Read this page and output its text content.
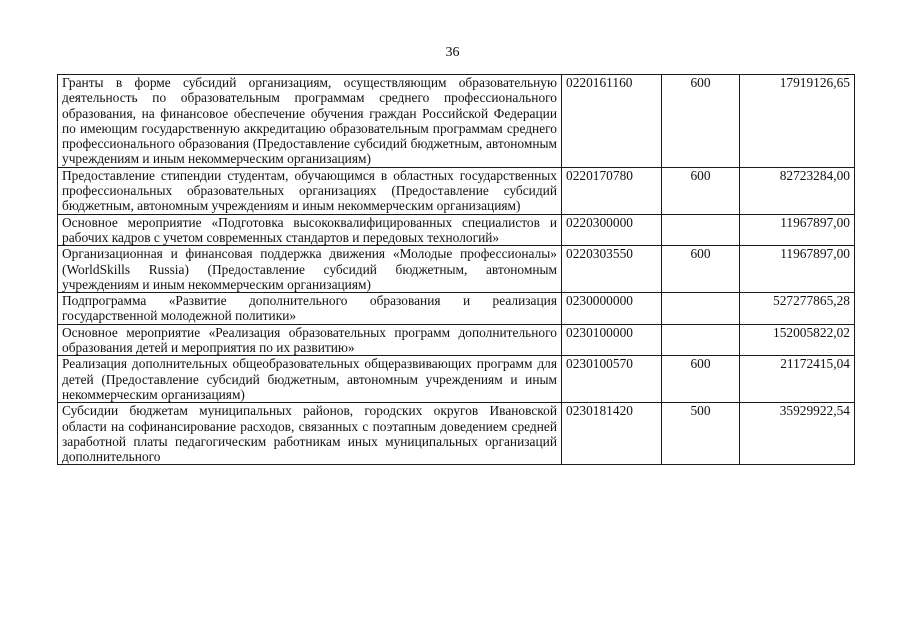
36
Гранты в форме субсидий организациям, осуществляющим образовательную деятельность по образовательным программам среднего профессионального образования, на финансовое обеспечение обучения граждан Российской Федерации по имеющим государственную аккредитацию образовательным программам среднего профессионального образования (Предоставление субсидий бюджетным, автономным учреждениям и иным некоммерческим организациям)	0220161160	600	17919126,65
Предоставление стипендии студентам, обучающимся в областных государственных профессиональных образовательных организациях (Предоставление субсидий бюджетным, автономным учреждениям и иным некоммерческим организациям)	0220170780	600	82723284,00
Основное мероприятие «Подготовка высококвалифицированных специалистов и рабочих кадров с учетом современных стандартов и передовых технологий»	0220300000		11967897,00
Организационная и финансовая поддержка движения «Молодые профессионалы» (WorldSkills Russia) (Предоставление субсидий бюджетным, автономным учреждениям и иным некоммерческим организациям)	0220303550	600	11967897,00
Подпрограмма «Развитие дополнительного образования и реализация государственной молодежной политики»	0230000000		527277865,28
Основное мероприятие «Реализация образовательных программ дополнительного образования детей и мероприятия по их развитию»	0230100000		152005822,02
Реализация дополнительных общеобразовательных общеразвивающих программ для детей (Предоставление субсидий бюджетным, автономным учреждениям и иным некоммерческим организациям)	0230100570	600	21172415,04
Субсидии бюджетам муниципальных районов, городских округов Ивановской области на софинансирование расходов, связанных с поэтапным доведением средней заработной платы педагогическим работникам иных муниципальных организаций дополнительного	0230181420	500	35929922,54
